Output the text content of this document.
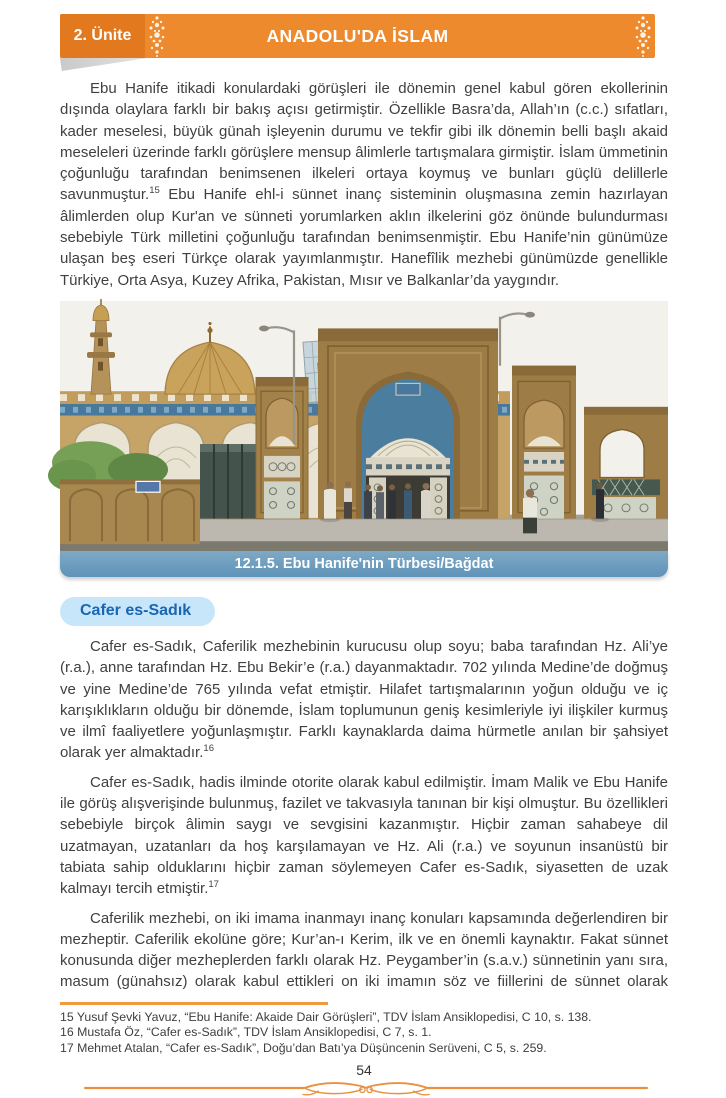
ANADOLU'DA İSLAM
2. Ünite

Ebu Hanife itikadi konulardaki görüşleri ile dönemin genel kabul gören ekollerinin dışında olaylara farklı bir bakış açısı getirmiştir. Özellikle Basra’da, Allah’ın (c.c.) sıfatları, kader meselesi, büyük günah işleyenin durumu ve tekfir gibi ilk dönemin belli başlı akaid meseleleri üzerinde farklı görüşlere mensup âlimlerle tartışmalara girmiştir. İslam ümmetinin çoğunluğu tarafından benimsenen ilkeleri ortaya koymuş ve bunları güçlü delillerle savunmuştur.$^{15}$ Ebu Hanife ehl-i sünnet inanç sisteminin oluşmasına zemin hazırlayan âlimlerden olup Kur'an ve sünneti yorumlarken aklın ilkelerini göz önünde bulundurması sebebiyle Türk milletini çoğunluğu tarafından benimsenmiştir. Ebu Hanife’nin günümüze ulaşan beş eseri Türkçe olarak yayımlanmıştır. Hanefîlik mezhebi günümüzde genellikle Türkiye, Orta Asya, Kuzey Afrika, Pakistan, Mısır ve Balkanlar’da yaygındır.

12.1.5. Ebu Hanife'nin Türbesi/Bağdat
Cafer es-Sadık

Cafer es-Sadık, Caferilik mezhebinin kurucusu olup soyu; baba tarafından Hz. Ali’ye (r.a.), anne tarafından Hz. Ebu Bekir’e (r.a.) dayanmaktadır. 702 yılında Medine’de doğmuş ve yine Medine’de 765 yılında vefat etmiştir. Hilafet tartışmalarının yoğun olduğu ve iç karışıklıkların olduğu bir dönemde, İslam toplumunun geniş kesimleriyle iyi ilişkiler kurmuş ve ilmî faaliyetlere yoğunlaşmıştır. Farklı kaynaklarda daima hürmetle anılan bir şahsiyet olarak yer almaktadır.$^{16}$

Cafer es-Sadık, hadis ilminde otorite olarak kabul edilmiştir. İmam Malik ve Ebu Hanife ile görüş alışverişinde bulunmuş, fazilet ve takvasıyla tanınan bir kişi olmuştur. Bu özellikleri sebebiyle birçok âlimin saygı ve sevgisini kazanmıştır. Hiçbir zaman sahabeye dil uzatmayan, uzatanları da hoş karşılamayan ve Hz. Ali (r.a.) ve soyunun insanüstü bir tabiata sahip olduklarını hiçbir zaman söylemeyen Cafer es-Sadık, siyasetten de uzak kalmayı tercih etmiştir.$^{17}$

Caferilik mezhebi, on iki imama inanmayı inanç konuları kapsamında değerlendiren bir mezheptir. Caferilik ekolüne göre; Kur’an-ı Kerim, ilk ve en önemli kaynaktır. Fakat sünnet konusunda diğer mezheplerden farklı olarak Hz. Peygamber’in (s.a.v.) sünnetinin yanı sıra, masum (günahsız) olarak kabul ettikleri on iki imamın söz ve fiillerini de sünnet olarak

15 Yusuf Şevki Yavuz, “Ebu Hanife: Akaide Dair Görüşleri”, TDV İslam Ansiklopedisi, C 10, s. 138.
16 Mustafa Öz, “Cafer es-Sadık”, TDV İslam Ansiklopedisi, C 7, s. 1.
17 Mehmet Atalan, “Cafer es-Sadık”, Doğu’dan Batı’ya Düşüncenin Serüveni, C 5, s. 259.
54
